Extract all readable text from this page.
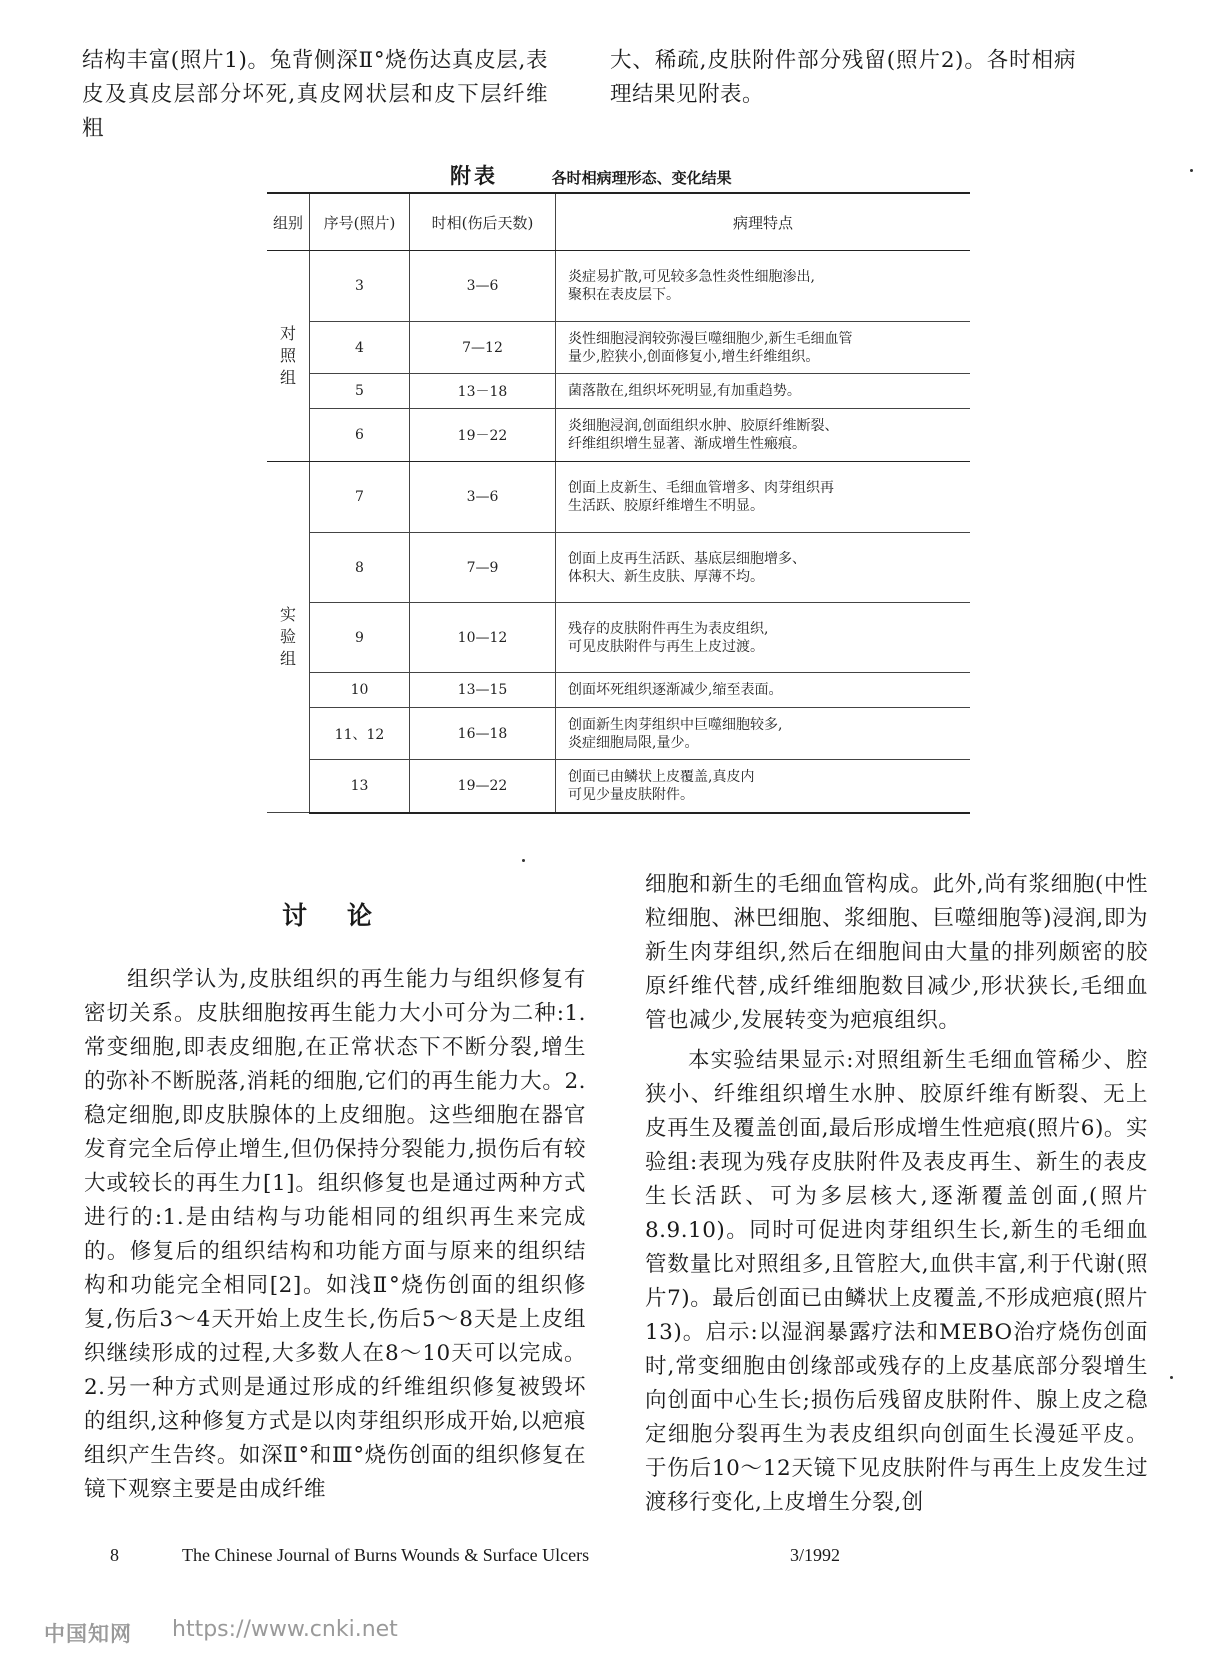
结构丰富(照片1)。兔背侧深Ⅱ°烧伤达真皮层,表皮及真皮层部分坏死,真皮网状层和皮下层纤维粗

大、稀疏,皮肤附件部分残留(照片2)。各时相病理结果见附表。

附表	各时相病理形态、变化结果
组别	序号(照片)	时相(伤后天数)	病理特点
对照组	3	3—6	炎症易扩散,可见较多急性炎性细胞渗出,
聚积在表皮层下。
	4	7—12	炎性细胞浸润较弥漫巨噬细胞少,新生毛细血管
量少,腔狭小,创面修复小,增生纤维组织。
	5	13－18	菌落散在,组织坏死明显,有加重趋势。
	6	19－22	炎细胞浸润,创面组织水肿、胶原纤维断裂、
纤维组织增生显著、渐成增生性瘢痕。
实验组	7	3—6	创面上皮新生、毛细血管增多、肉芽组织再
生活跃、胶原纤维增生不明显。
	8	7—9	创面上皮再生活跃、基底层细胞增多、
体积大、新生皮肤、厚薄不均。
	9	10—12	残存的皮肤附件再生为表皮组织,
可见皮肤附件与再生上皮过渡。
	10	13—15	创面坏死组织逐渐减少,缩至表面。
	11、12	16—18	创面新生肉芽组织中巨噬细胞较多,
炎症细胞局限,量少。
	13	19—22	创面已由鳞状上皮覆盖,真皮内
可见少量皮肤附件。
讨论

组织学认为,皮肤组织的再生能力与组织修复有密切关系。皮肤细胞按再生能力大小可分为二种:1.常变细胞,即表皮细胞,在正常状态下不断分裂,增生的弥补不断脱落,消耗的细胞,它们的再生能力大。2.稳定细胞,即皮肤腺体的上皮细胞。这些细胞在器官发育完全后停止增生,但仍保持分裂能力,损伤后有较大或较长的再生力[1]。组织修复也是通过两种方式进行的:1.是由结构与功能相同的组织再生来完成的。修复后的组织结构和功能方面与原来的组织结构和功能完全相同[2]。如浅Ⅱ°烧伤创面的组织修复,伤后3～4天开始上皮生长,伤后5～8天是上皮组织继续形成的过程,大多数人在8～10天可以完成。2.另一种方式则是通过形成的纤维组织修复被毁坏的组织,这种修复方式是以肉芽组织形成开始,以疤痕组织产生告终。如深Ⅱ°和Ⅲ°烧伤创面的组织修复在镜下观察主要是由成纤维

细胞和新生的毛细血管构成。此外,尚有浆细胞(中性粒细胞、淋巴细胞、浆细胞、巨噬细胞等)浸润,即为新生肉芽组织,然后在细胞间由大量的排列颇密的胶原纤维代替,成纤维细胞数目减少,形状狭长,毛细血管也减少,发展转变为疤痕组织。

本实验结果显示:对照组新生毛细血管稀少、腔狭小、纤维组织增生水肿、胶原纤维有断裂、无上皮再生及覆盖创面,最后形成增生性疤痕(照片6)。实验组:表现为残存皮肤附件及表皮再生、新生的表皮生长活跃、可为多层核大,逐渐覆盖创面,(照片8.9.10)。同时可促进肉芽组织生长,新生的毛细血管数量比对照组多,且管腔大,血供丰富,利于代谢(照片7)。最后创面已由鳞状上皮覆盖,不形成疤痕(照片13)。启示:以湿润暴露疗法和MEBO治疗烧伤创面时,常变细胞由创缘部或残存的上皮基底部分裂增生向创面中心生长;损伤后残留皮肤附件、腺上皮之稳定细胞分裂再生为表皮组织向创面生长漫延平皮。于伤后10～12天镜下见皮肤附件与再生上皮发生过渡移行变化,上皮增生分裂,创

8	The Chinese Journal of Burns Wounds & Surface Ulcers	3/1992
中国知网 https://www.cnki.net
